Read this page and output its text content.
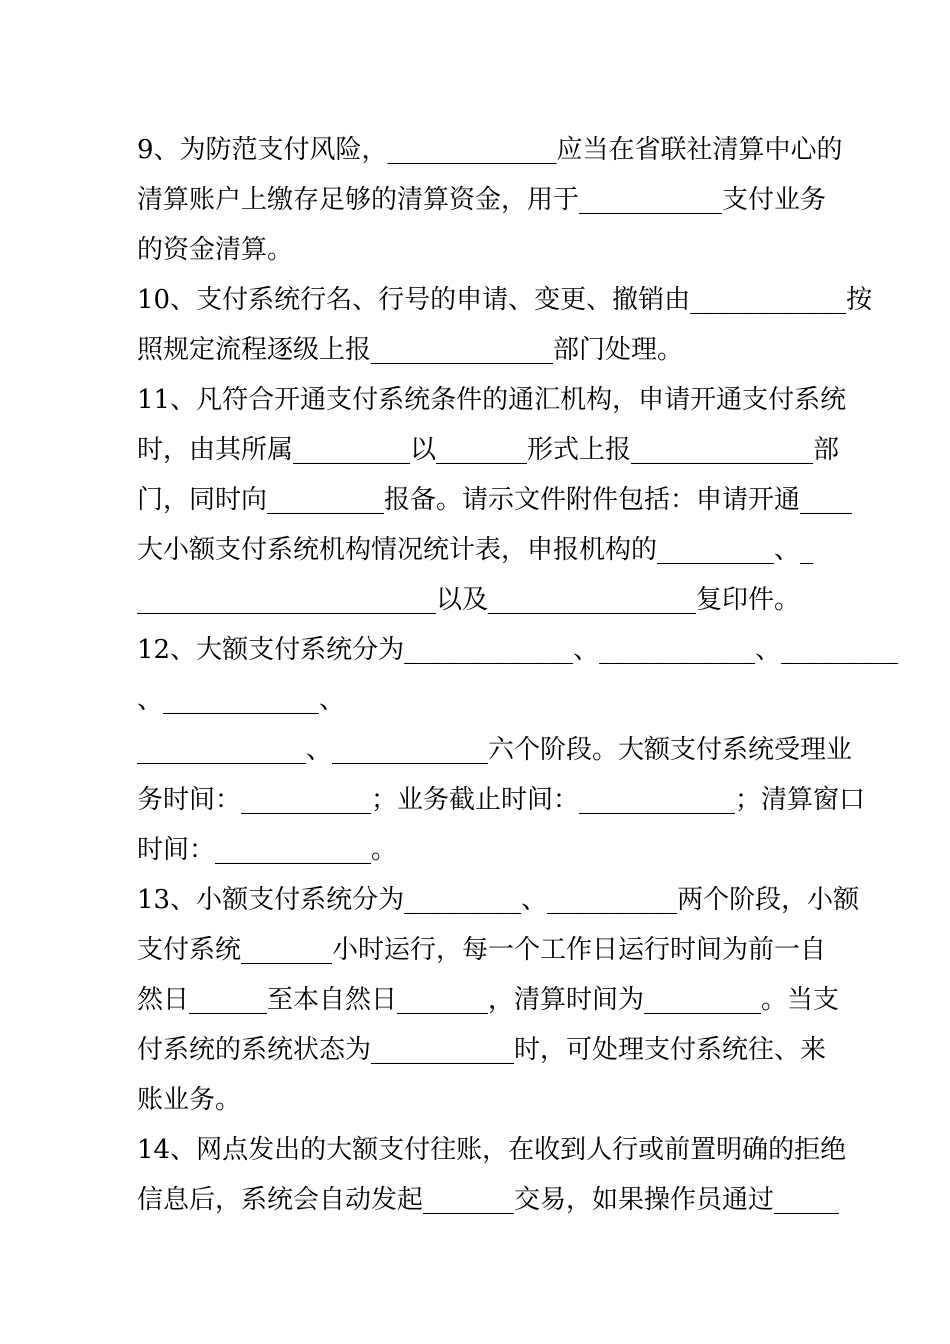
9、为防范支付风险，_____________应当在省联社清算中心的
清算账户上缴存足够的清算资金，用于___________支付业务
的资金清算。
10、支付系统行名、行号的申请、变更、撤销由____________按
照规定流程逐级上报______________部门处理。
11、凡符合开通支付系统条件的通汇机构，申请开通支付系统
时，由其所属_________以_______形式上报______________部
门，同时向_________报备。请示文件附件包括：申请开通____
大小额支付系统机构情况统计表，申报机构的_________、_
_______________________以及________________复印件。
12、大额支付系统分为_____________、____________、_________
、____________、
_____________、____________六个阶段。大额支付系统受理业
务时间：__________；业务截止时间：____________；清算窗口
时间：____________。
13、小额支付系统分为_________、__________两个阶段，小额
支付系统_______小时运行，每一个工作日运行时间为前一自
然日______至本自然日_______，清算时间为_________。当支
付系统的系统状态为___________时，可处理支付系统往、来
账业务。
14、网点发出的大额支付往账，在收到人行或前置明确的拒绝
信息后，系统会自动发起_______交易，如果操作员通过_____
